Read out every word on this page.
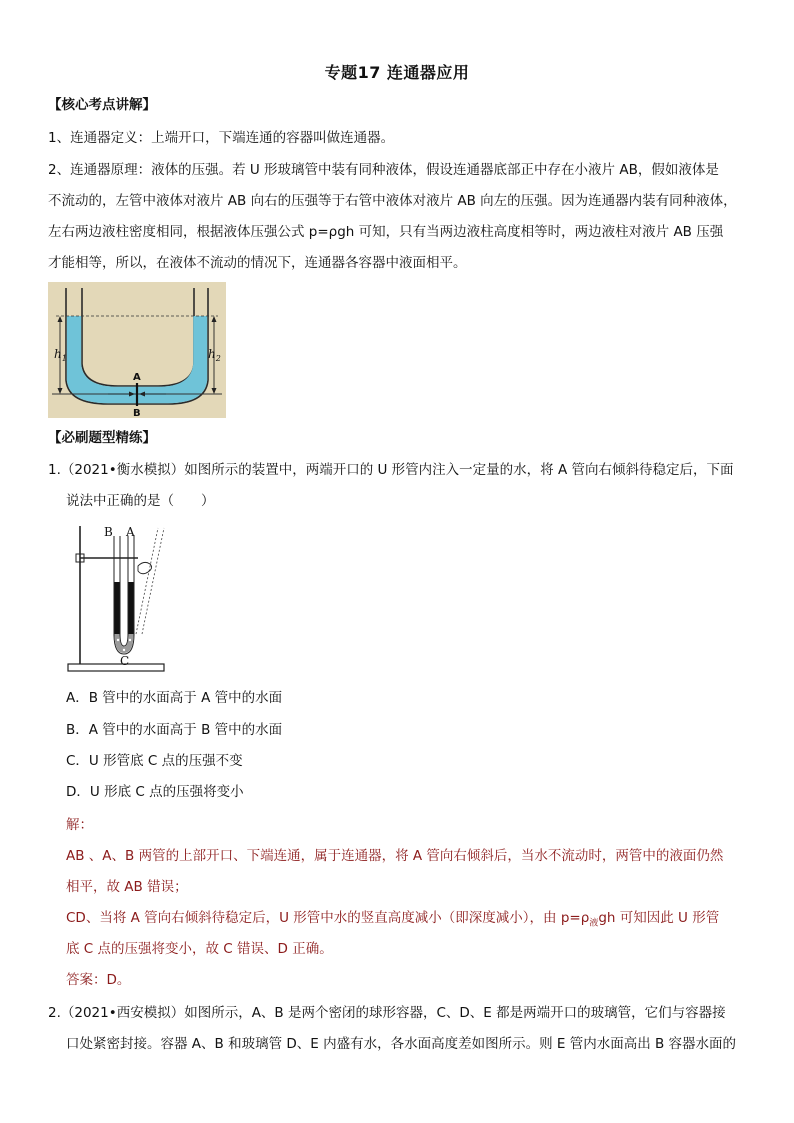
专题17 连通器应用
【核心考点讲解】
1、连通器定义：上端开口，下端连通的容器叫做连通器。
2、连通器原理：液体的压强。若 U 形玻璃管中装有同种液体，假设连通器底部正中存在小液片 AB，假如液体是
不流动的，左管中液体对液片 AB 向右的压强等于右管中液体对液片 AB 向左的压强。因为连通器内装有同种液体，
左右两边液柱密度相同，根据液体压强公式 p=ρgh 可知，只有当两边液柱高度相等时，两边液柱对液片 AB 压强
才能相等，所以，在液体不流动的情况下，连通器各容器中液面相平。
$h_1$	$h_2$
A
B
【必刷题型精练】
1.（2021•衡水模拟）如图所示的装置中，两端开口的 U 形管内注入一定量的水，将 A 管向右倾斜待稳定后，下面
说法中正确的是（　　）
B A
C
A．B 管中的水面高于 A 管中的水面
B．A 管中的水面高于 B 管中的水面
C．U 形管底 C 点的压强不变
D．U 形底 C 点的压强将变小
解：
AB 、A、B 两管的上部开口、下端连通，属于连通器，将 A 管向右倾斜后，当水不流动时，两管中的液面仍然
相平，故 AB 错误；
CD、当将 A 管向右倾斜待稳定后，U 形管中水的竖直高度减小（即深度减小），由 $p=\rho_液gh$ 可知因此 U 形管
底 C 点的压强将变小，故 C 错误、D 正确。
答案：D。
2.（2021•西安模拟）如图所示，A、B 是两个密闭的球形容器，C、D、E 都是两端开口的玻璃管，它们与容器接
口处紧密封接。容器 A、B 和玻璃管 D、E 内盛有水，各水面高度差如图所示。则 E 管内水面高出 B 容器水面的
